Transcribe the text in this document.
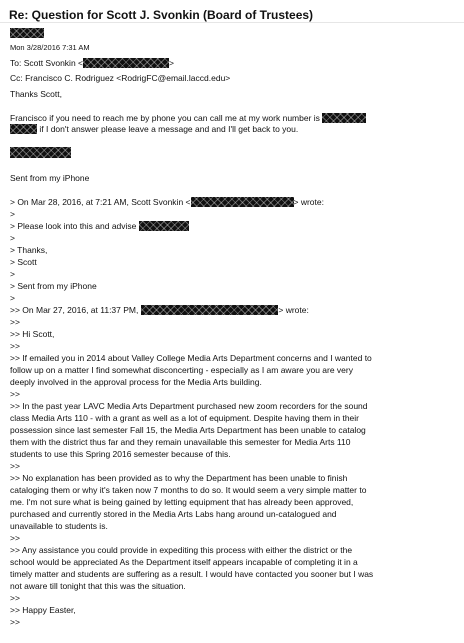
Re: Question for Scott J. Svonkin (Board of Trustees)
Mon 3/28/2016 7:31 AM
To: Scott Svonkin <	>
Cc: Francisco C. Rodriguez <RodrigFC@email.laccd.edu>
Thanks Scott,
Francisco if you need to reach me by phone you can call me at my work number is
if I don't answer please leave a message and and I'll get back to you.
Sent from my iPhone
> On Mar 28, 2016, at 7:21 AM, Scott Svonkin <	> wrote:
>
> Please look into this and advise
>
> Thanks,
> Scott
>
> Sent from my iPhone
>
>> On Mar 27, 2016, at 11:37 PM,	> wrote:
>>
>> Hi Scott,
>>
>> If emailed you in 2014 about Valley College Media Arts Department concerns and I wanted to
follow up on a matter I find somewhat disconcerting - especially as I am aware you are very
deeply involved in the approval process for the Media Arts building.
>>
>> In the past year LAVC Media Arts Department purchased new zoom recorders for the sound
class Media Arts 110 - with a grant as well as a lot of equipment. Despite having them in their
possession since last semester Fall 15, the Media Arts Department has been unable to catalog
them with the district thus far and they remain unavailable this semester for Media Arts 110
students to use this Spring 2016 semester because of this.
>>
>> No explanation has been provided as to why the Department has been unable to finish
cataloging them or why it's taken now 7 months to do so. It would seem a very simple matter to
me. I'm not sure what is being gained by letting equipment that has already been approved,
purchased and currently stored in the Media Arts Labs hang around un-catalogued and
unavailable to students is.
>>
>> Any assistance you could provide in expediting this process with either the district or the
school would be appreciated As the Department itself appears incapable of completing it in a
timely matter and students are suffering as a result. I would have contacted you sooner but I was
not aware till tonight that this was the situation.
>>
>> Happy Easter,
>>
